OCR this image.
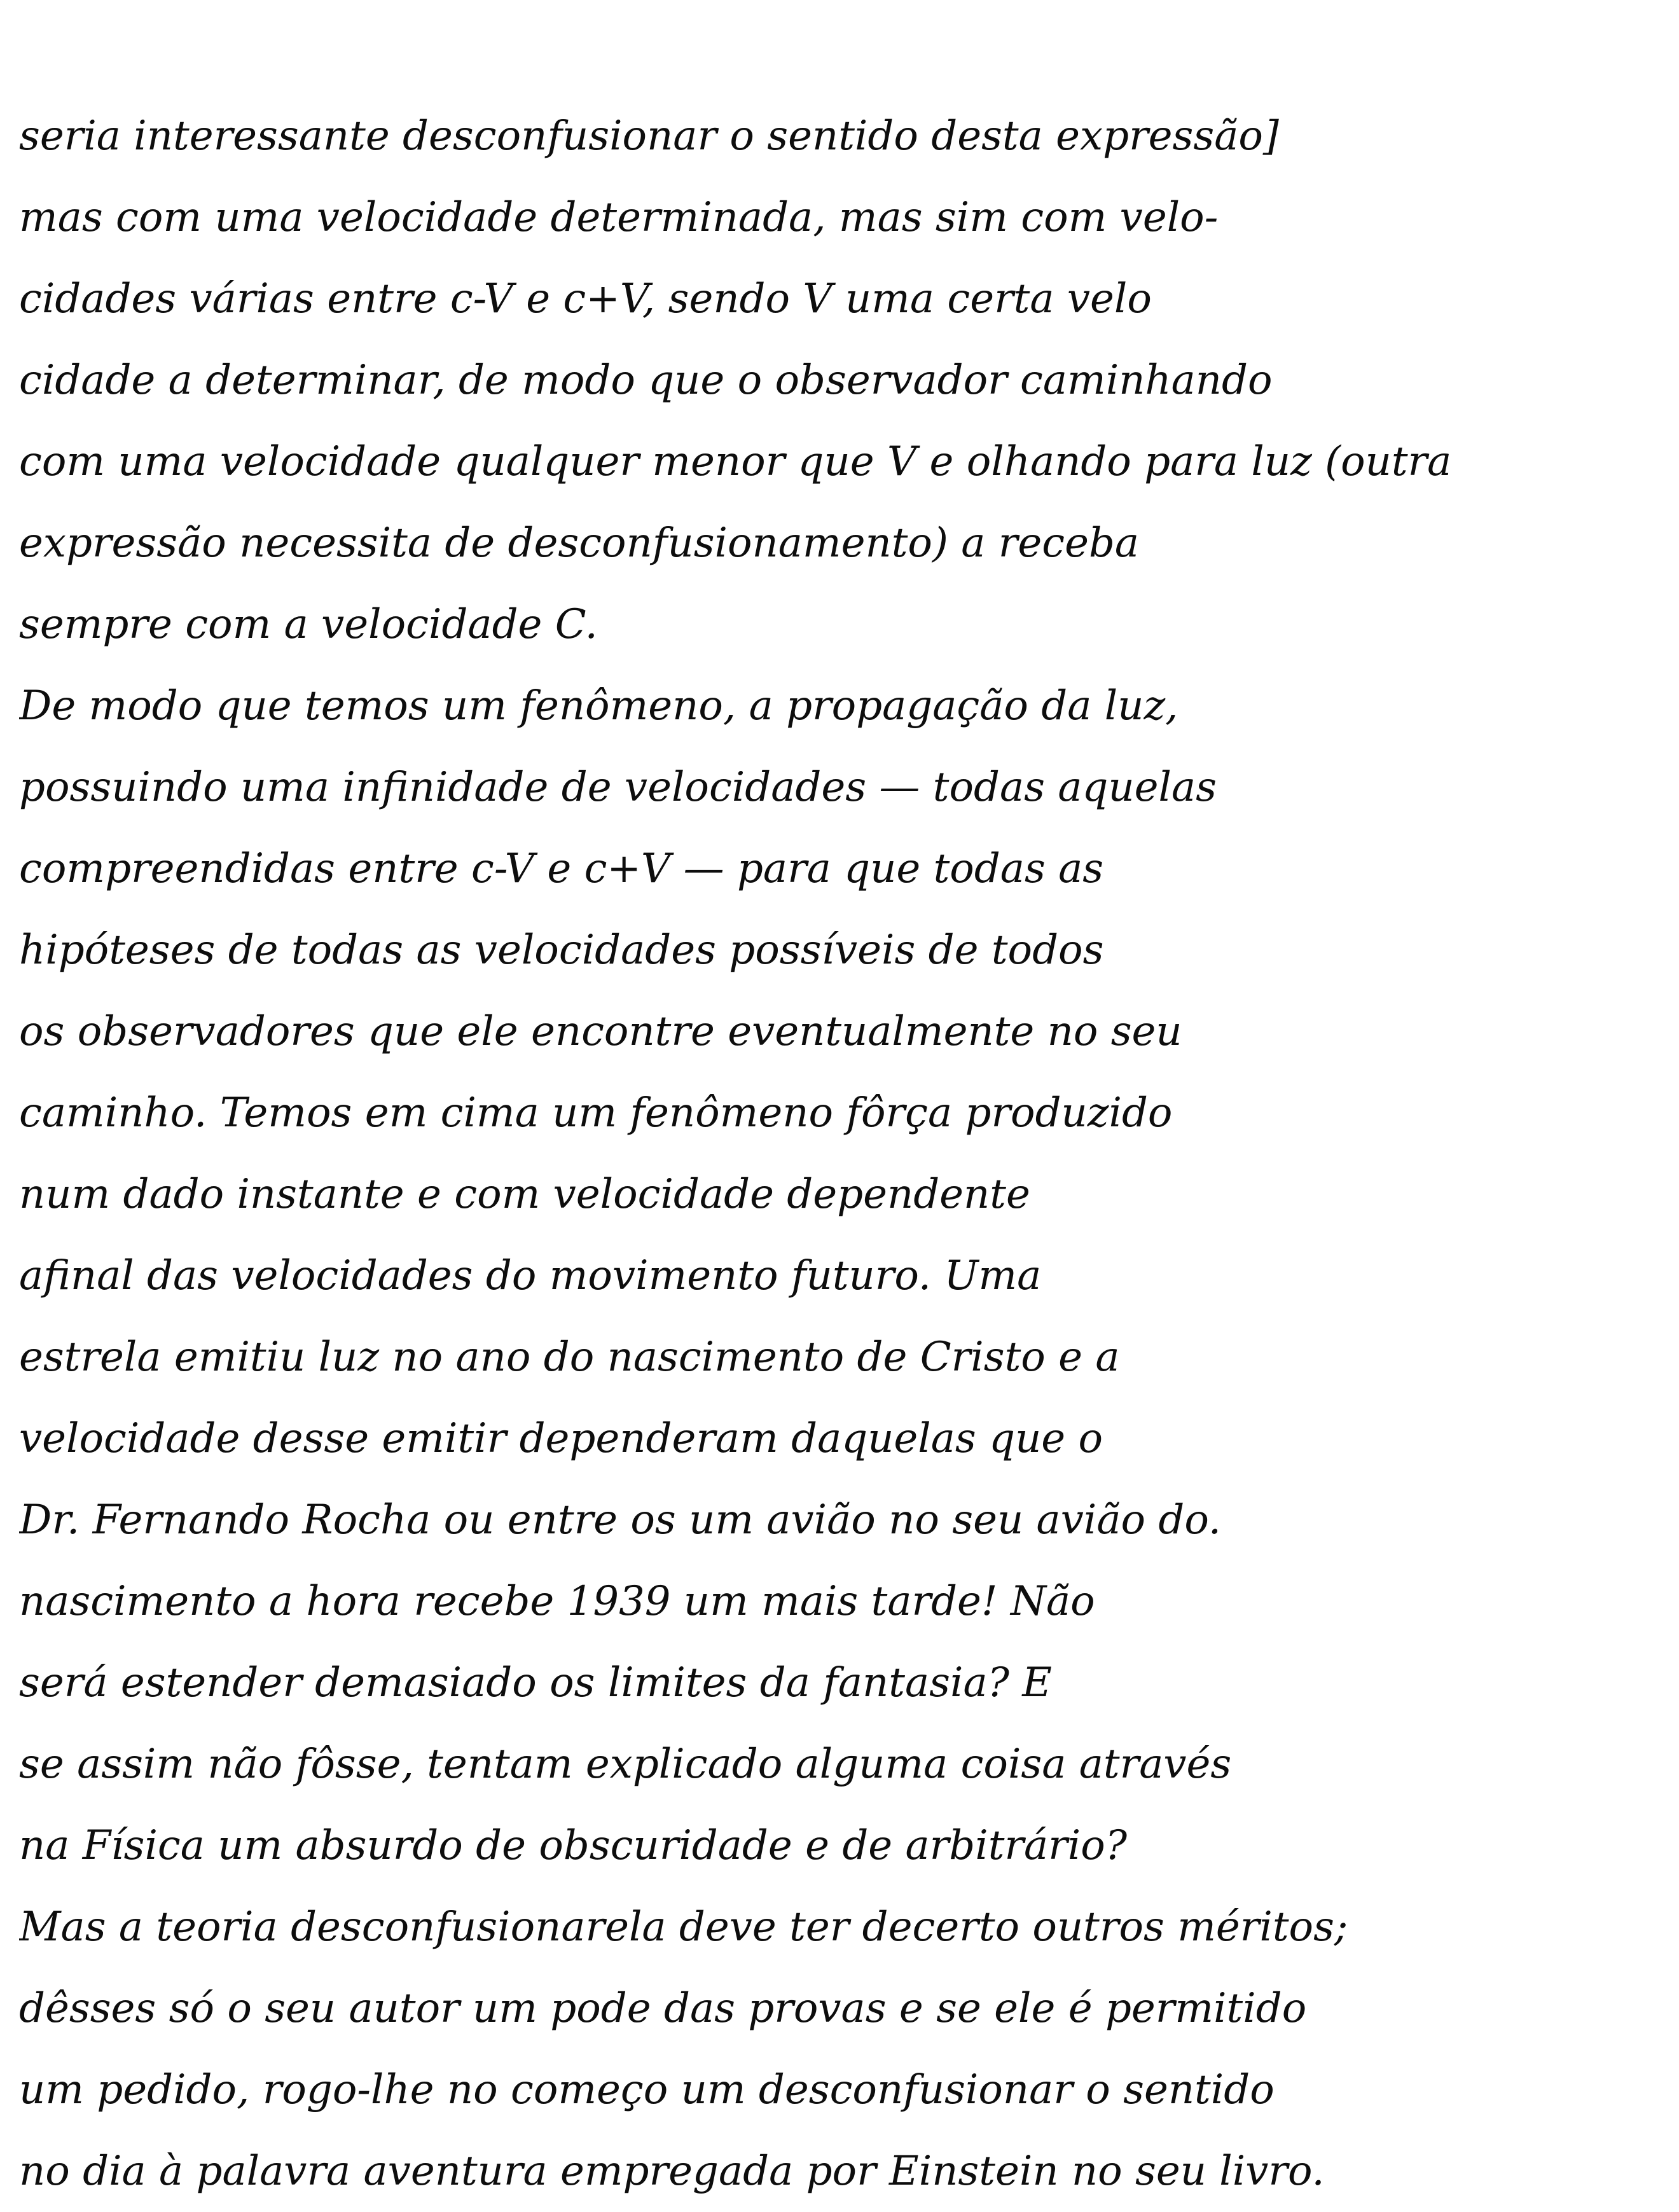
seria interessante desconfusionar o sentido desta expressão]
mas com uma velocidade determinada, mas sim com velo-
cidades várias entre c-V e c+V, sendo V uma certa velo
cidade a determinar, de modo que o observador caminhando
com uma velocidade qualquer menor que V e olhando para luz (outra
expressão necessita de desconfusionamento) a receba
sempre com a velocidade C.
De modo que temos um fenômeno, a propagação da luz,
possuindo uma infinidade de velocidades — todas aquelas
compreendidas entre c-V e c+V — para que todas as
hipóteses de todas as velocidades possíveis de todos
os observadores que ele encontre eventualmente no seu
caminho. Temos em cima um fenômeno fôrça produzido
num dado instante e com velocidade dependente
afinal das velocidades do movimento futuro. Uma
estrela emitiu luz no ano do nascimento de Cristo e a
velocidade desse emitir dependeram daquelas que o
Dr. Fernando Rocha ou entre os um avião no seu avião do.
nascimento a hora recebe 1939 um mais tarde! Não
será estender demasiado os limites da fantasia? E
se assim não fôsse, tentam explicado alguma coisa através
na Física um absurdo de obscuridade e de arbitrário?
Mas a teoria desconfusionarela deve ter decerto outros méritos;
dêsses só o seu autor um pode das provas e se ele é permitido
um pedido, rogo-lhe no começo um desconfusionar o sentido
no dia à palavra aventura empregada por Einstein no seu livro.
